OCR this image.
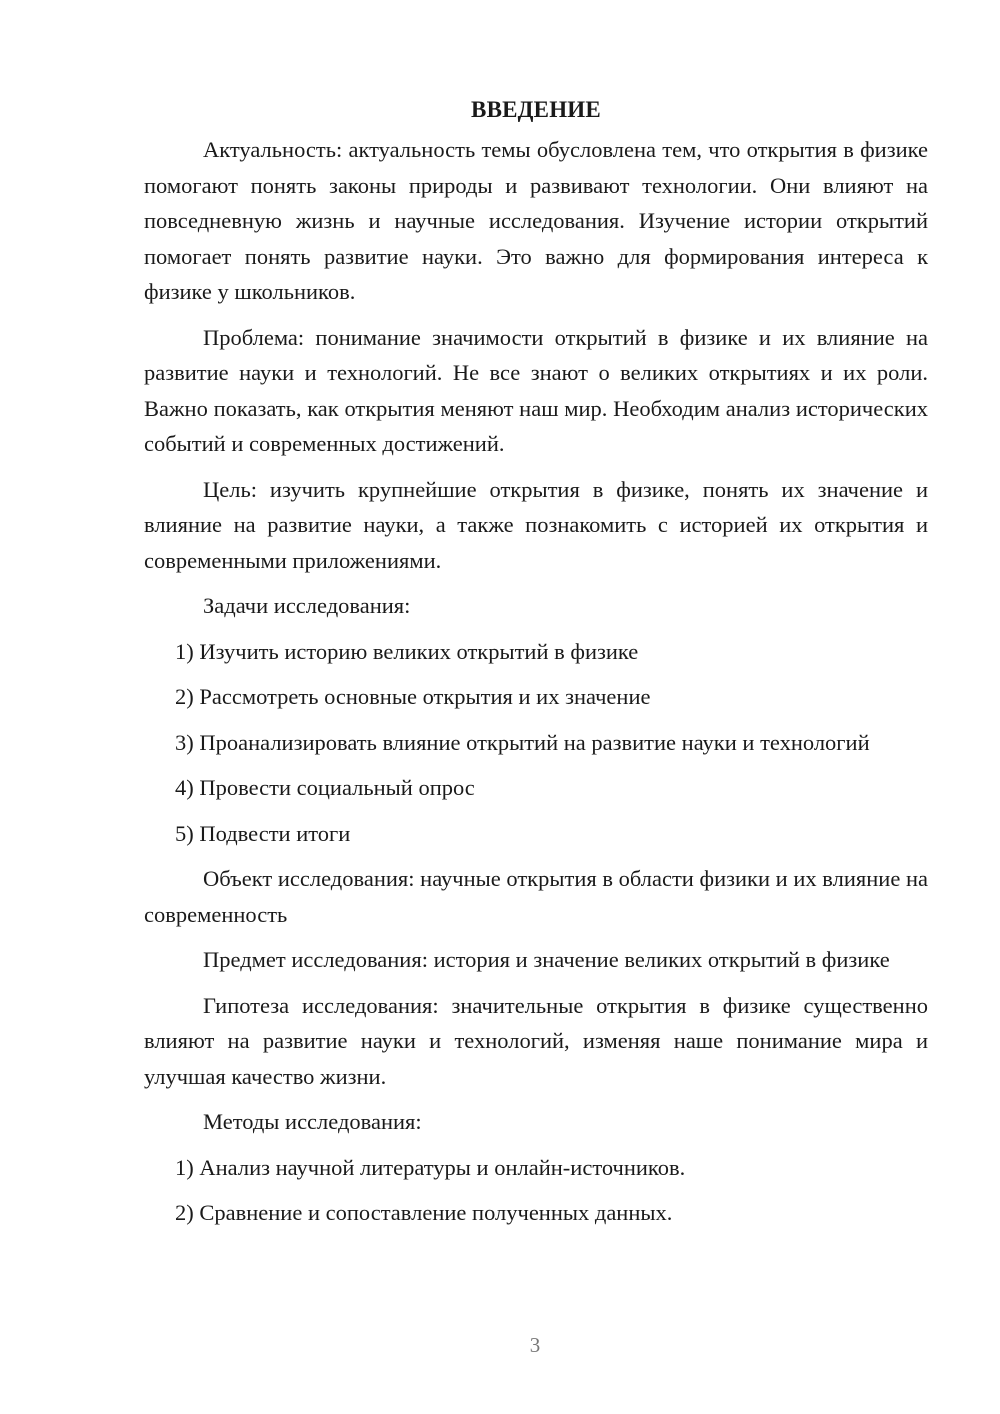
ВВЕДЕНИЕ

Актуальность: актуальность темы обусловлена тем, что открытия в физике помогают понять законы природы и развивают технологии. Они влияют на повседневную жизнь и научные исследования. Изучение истории открытий помогает понять развитие науки. Это важно для формирования интереса к физике у школьников.

Проблема: понимание значимости открытий в физике и их влияние на развитие науки и технологий. Не все знают о великих открытиях и их роли. Важно показать, как открытия меняют наш мир. Необходим анализ исторических событий и современных достижений.

Цель: изучить крупнейшие открытия в физике, понять их значение и влияние на развитие науки, а также познакомить с историей их открытия и современными приложениями.

Задачи исследования:

1) Изучить историю великих открытий в физике

2) Рассмотреть основные открытия и их значение

3) Проанализировать влияние открытий на развитие науки и технологий

4) Провести социальный опрос

5) Подвести итоги

Объект исследования: научные открытия в области физики и их влияние на современность

Предмет исследования: история и значение великих открытий в физике

Гипотеза исследования: значительные открытия в физике существенно влияют на развитие науки и технологий, изменяя наше понимание мира и улучшая качество жизни.

Методы исследования:

1) Анализ научной литературы и онлайн-источников.

2) Сравнение и сопоставление полученных данных.

3
